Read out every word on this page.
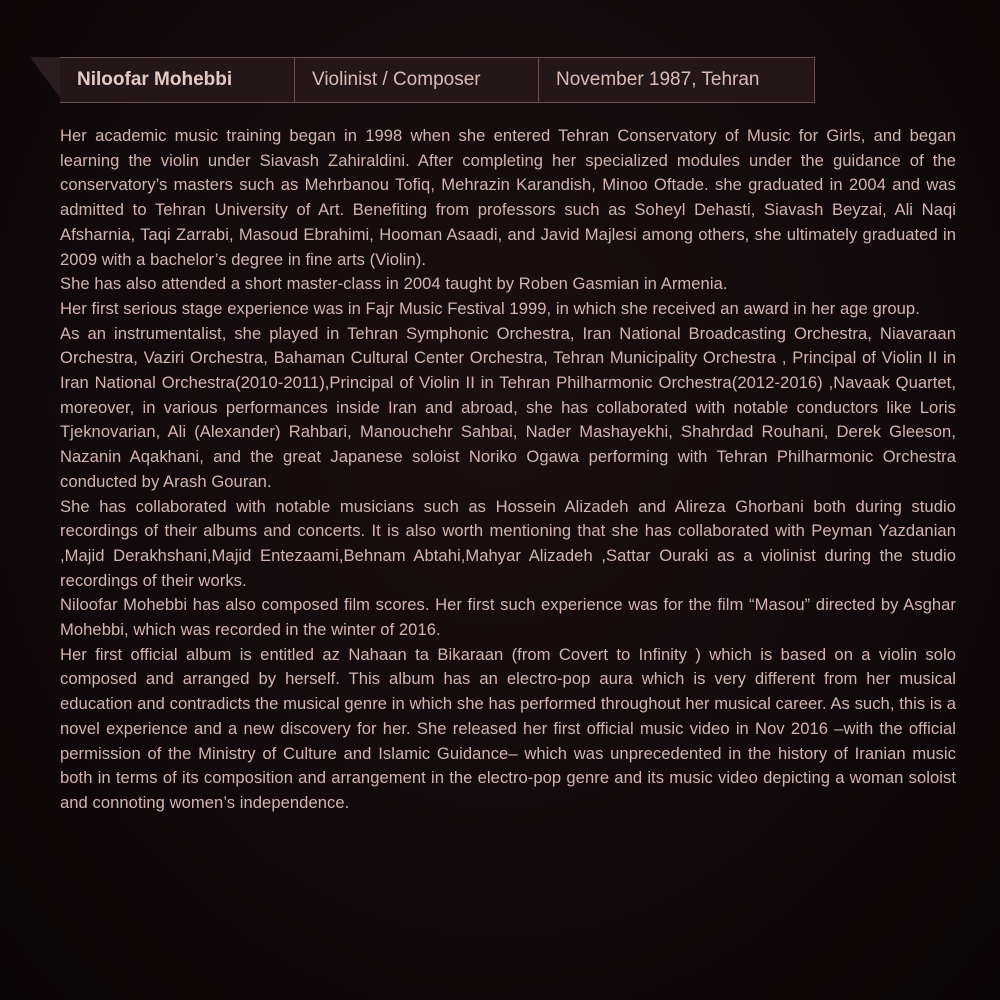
Niloofar Mohebbi	Violinist / Composer	November 1987, Tehran

Her academic music training began in 1998 when she entered Tehran Conservatory of Music for Girls, and began learning the violin under Siavash Zahiraldini. After completing her specialized modules under the guidance of the conservatory’s masters such as Mehrbanou Tofiq, Mehrazin Karandish, Minoo Oftade. she graduated in 2004 and was admitted to Tehran University of Art. Benefiting from professors such as Soheyl Dehasti, Siavash Beyzai, Ali Naqi Afsharnia, Taqi Zarrabi, Masoud Ebrahimi, Hooman Asaadi, and Javid Majlesi among others, she ultimately graduated in 2009 with a bachelor’s degree in fine arts (Violin).

She has also attended a short master-class in 2004 taught by Roben Gasmian in Armenia.

Her first serious stage experience was in Fajr Music Festival 1999, in which she received an award in her age group.

As an instrumentalist, she played in Tehran Symphonic Orchestra, Iran National Broadcasting Orchestra, Niavaraan Orchestra, Vaziri Orchestra, Bahaman Cultural Center Orchestra, Tehran Municipality Orchestra , Principal of Violin II in Iran National Orchestra(2010-2011),Principal of Violin II in Tehran Philharmonic Orchestra(2012-2016) ,Navaak Quartet, moreover, in various performances inside Iran and abroad, she has collaborated with notable conductors like Loris Tjeknovarian, Ali (Alexander) Rahbari, Manouchehr Sahbai, Nader Mashayekhi, Shahrdad Rouhani, Derek Gleeson, Nazanin Aqakhani, and the great Japanese soloist Noriko Ogawa performing with Tehran Philharmonic Orchestra conducted by Arash Gouran.

She has collaborated with notable musicians such as Hossein Alizadeh and Alireza Ghorbani both during studio recordings of their albums and concerts. It is also worth mentioning that she has collaborated with Peyman Yazdanian ,Majid Derakhshani,Majid Entezaami,Behnam Abtahi,Mahyar Alizadeh ,Sattar Ouraki as a violinist during the studio recordings of their works.

Niloofar Mohebbi has also composed film scores. Her first such experience was for the film “Masou” directed by Asghar Mohebbi, which was recorded in the winter of 2016.

Her first official album is entitled az Nahaan ta Bikaraan (from Covert to Infinity ) which is based on a violin solo composed and arranged by herself. This album has an electro-pop aura which is very different from her musical education and contradicts the musical genre in which she has performed throughout her musical career. As such, this is a novel experience and a new discovery for her. She released her first official music video in Nov 2016 –with the official permission of the Ministry of Culture and Islamic Guidance– which was unprecedented in the history of Iranian music both in terms of its composition and arrangement in the electro-pop genre and its music video depicting a woman soloist and connoting women’s independence.
